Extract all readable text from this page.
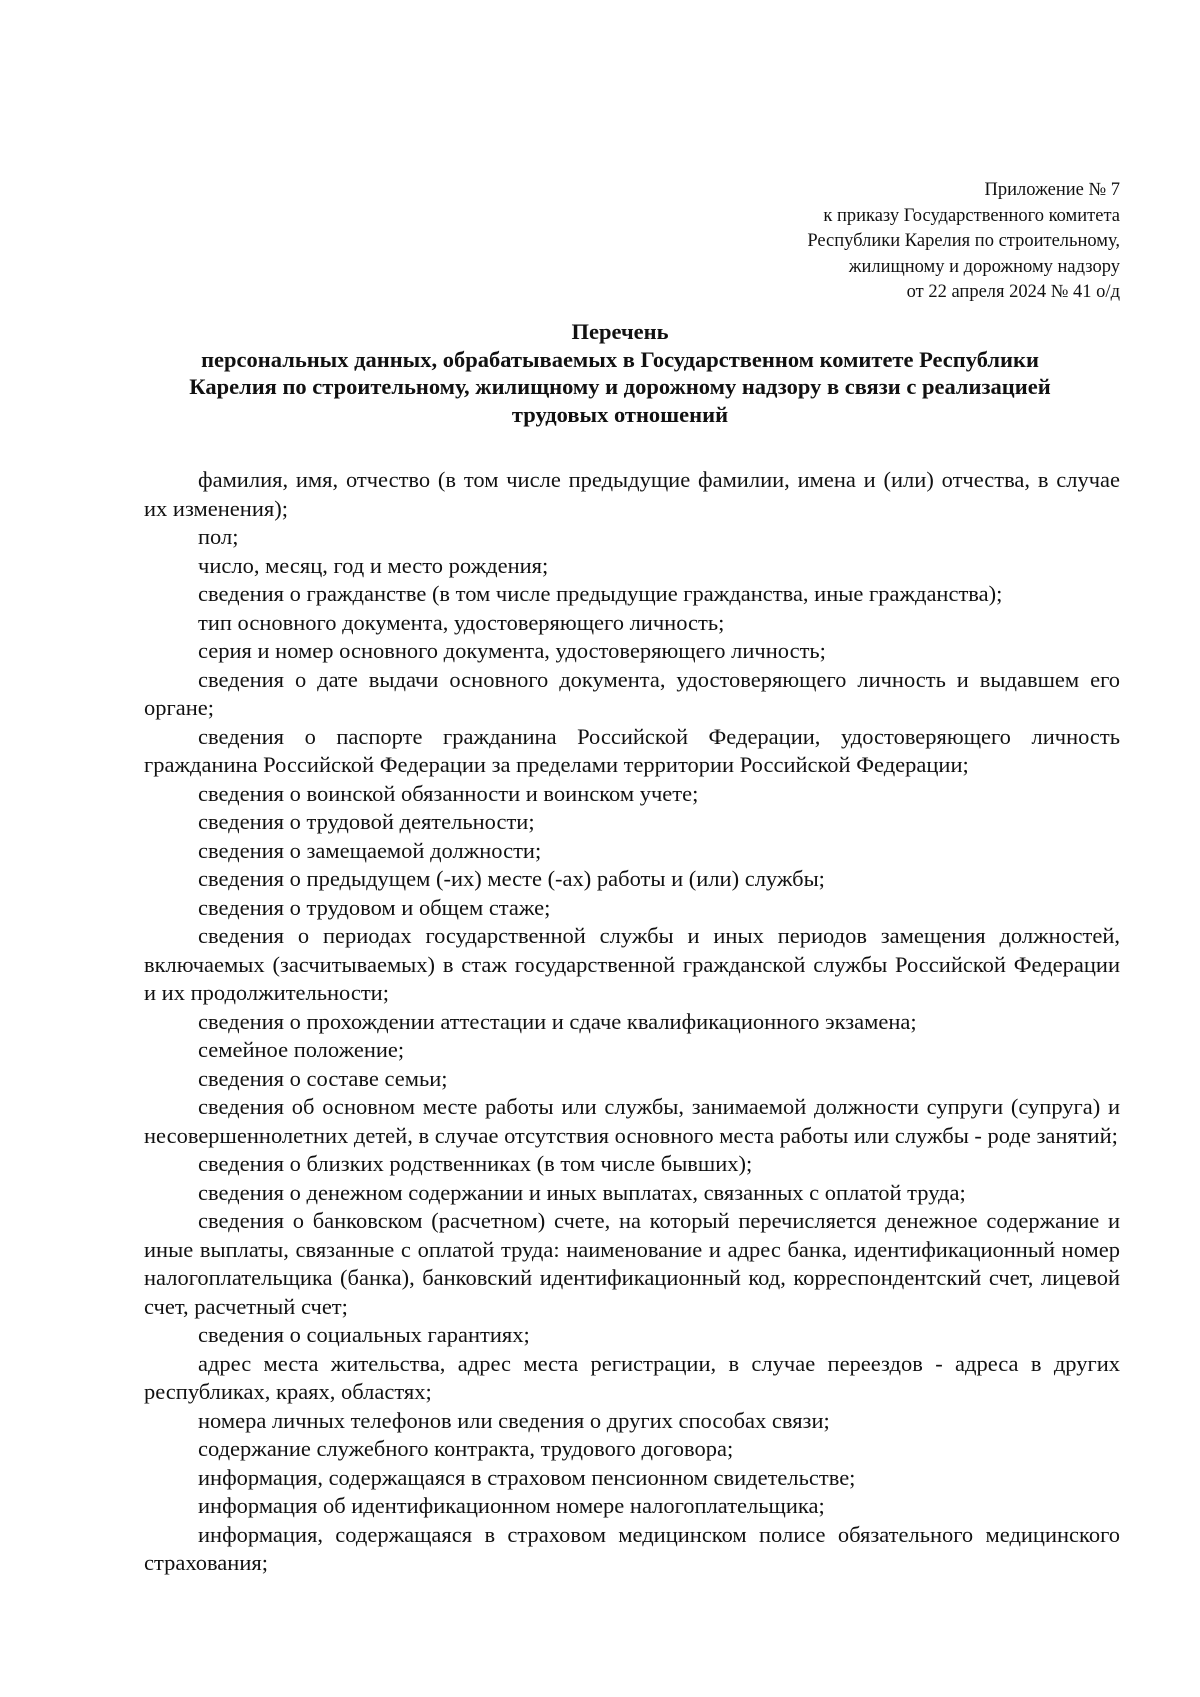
Приложение № 7
к приказу Государственного комитета
Республики Карелия по строительному,
жилищному и дорожному надзору
от 22 апреля 2024 № 41 о/д
Перечень
персональных данных, обрабатываемых в Государственном комитете Республики
Карелия по строительному, жилищному и дорожному надзору в связи с реализацией
трудовых отношений

фамилия, имя, отчество (в том числе предыдущие фамилии, имена и (или) отчества, в случае их изменения);

пол;

число, месяц, год и место рождения;

сведения о гражданстве (в том числе предыдущие гражданства, иные гражданства);

тип основного документа, удостоверяющего личность;

серия и номер основного документа, удостоверяющего личность;

сведения о дате выдачи основного документа, удостоверяющего личность и выдавшем его органе;

сведения о паспорте гражданина Российской Федерации, удостоверяющего личность гражданина Российской Федерации за пределами территории Российской Федерации;

сведения о воинской обязанности и воинском учете;

сведения о трудовой деятельности;

сведения о замещаемой должности;

сведения о предыдущем (-их) месте (-ах) работы и (или) службы;

сведения о трудовом и общем стаже;

сведения о периодах государственной службы и иных периодов замещения должностей, включаемых (засчитываемых) в стаж государственной гражданской службы Российской Федерации и их продолжительности;

сведения о прохождении аттестации и сдаче квалификационного экзамена;

семейное положение;

сведения о составе семьи;

сведения об основном месте работы или службы, занимаемой должности супруги (супруга) и несовершеннолетних детей, в случае отсутствия основного места работы или службы - роде занятий;

сведения о близких родственниках (в том числе бывших);

сведения о денежном содержании и иных выплатах, связанных с оплатой труда;

сведения о банковском (расчетном) счете, на который перечисляется денежное содержание и иные выплаты, связанные с оплатой труда: наименование и адрес банка, идентификационный номер налогоплательщика (банка), банковский идентификационный код, корреспондентский счет, лицевой счет, расчетный счет;

сведения о социальных гарантиях;

адрес места жительства, адрес места регистрации, в случае переездов - адреса в других республиках, краях, областях;

номера личных телефонов или сведения о других способах связи;

содержание служебного контракта, трудового договора;

информация, содержащаяся в страховом пенсионном свидетельстве;

информация об идентификационном номере налогоплательщика;

информация, содержащаяся в страховом медицинском полисе обязательного медицинского страхования;
